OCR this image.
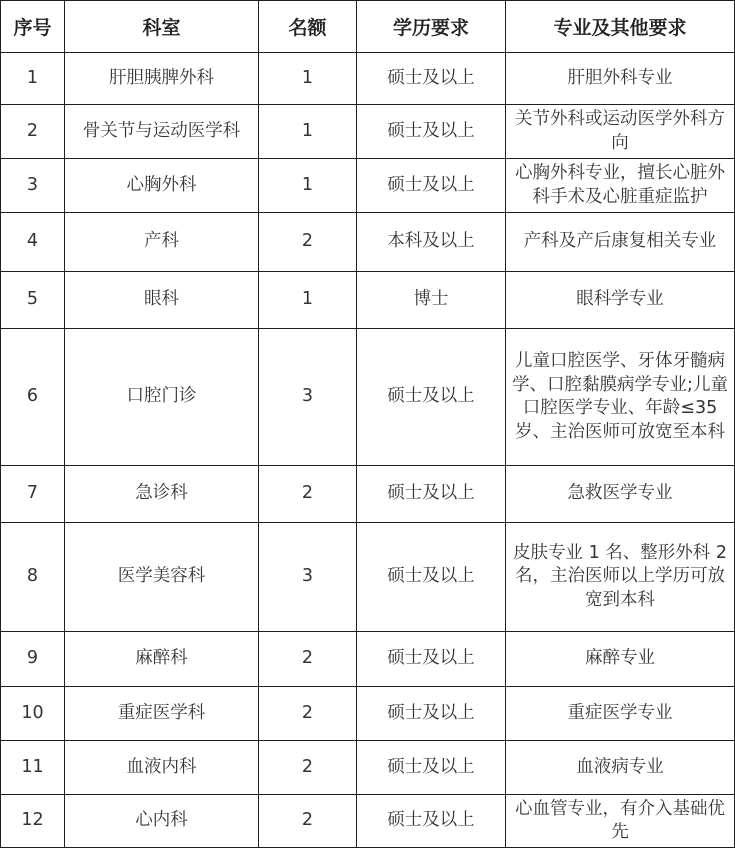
序号	科室	名额	学历要求	专业及其他要求
1	肝胆胰脾外科	1	硕士及以上	肝胆外科专业
2	骨关节与运动医学科	1	硕士及以上	关节外科或运动医学外科方向
3	心胸外科	1	硕士及以上	心胸外科专业，擅长心脏外科手术及心脏重症监护
4	产科	2	本科及以上	产科及产后康复相关专业
5	眼科	1	博士	眼科学专业
6	口腔门诊	3	硕士及以上	儿童口腔医学、牙体牙髓病学、口腔黏膜病学专业;儿童口腔医学专业、年龄≤35 岁、主治医师可放宽至本科
7	急诊科	2	硕士及以上	急救医学专业
8	医学美容科	3	硕士及以上	皮肤专业 1 名、整形外科 2 名，主治医师以上学历可放宽到本科
9	麻醉科	2	硕士及以上	麻醉专业
10	重症医学科	2	硕士及以上	重症医学专业
11	血液内科	2	硕士及以上	血液病专业
12	心内科	2	硕士及以上	心血管专业，有介入基础优先
